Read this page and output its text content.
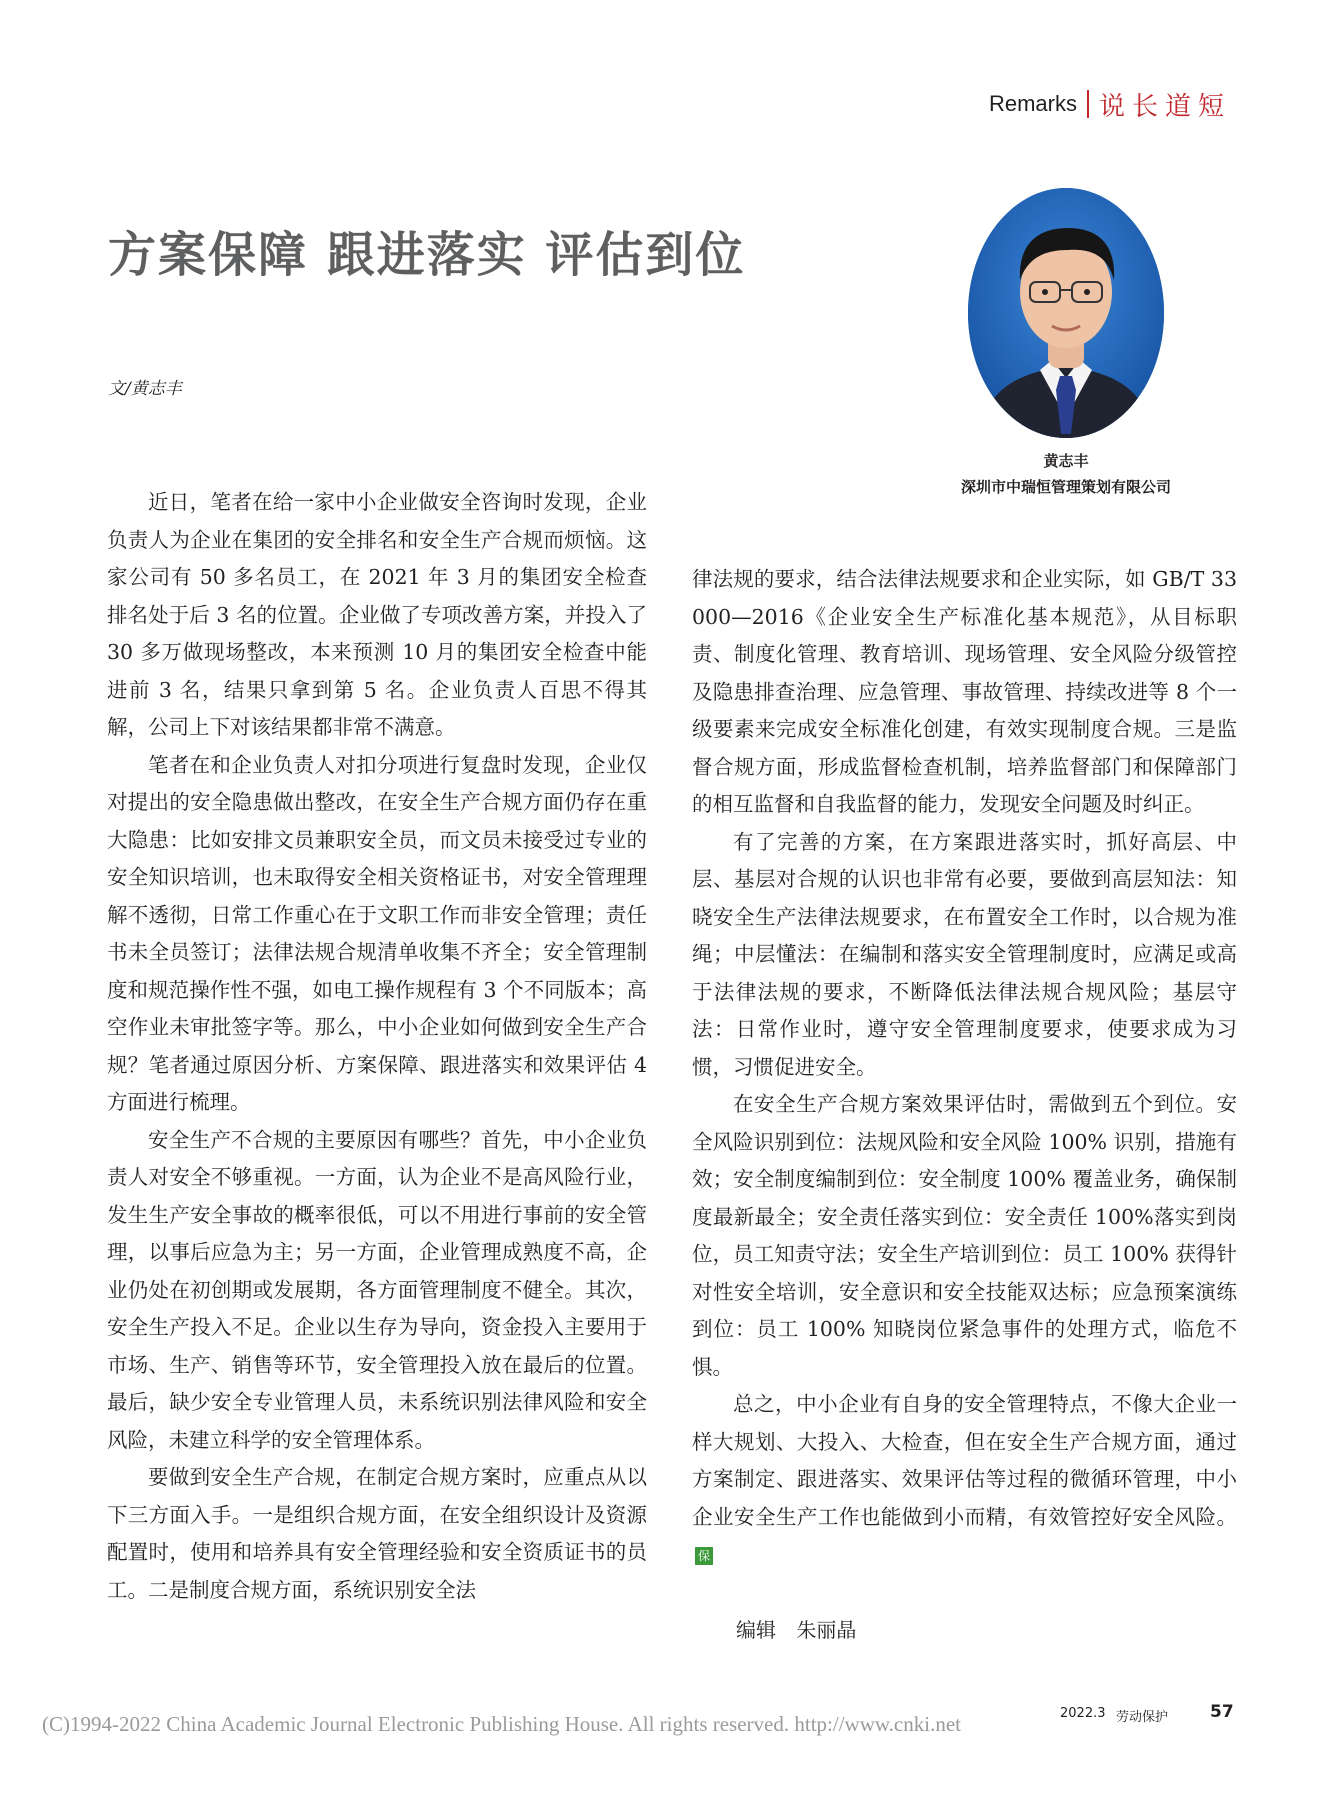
Remarks 说长道短
方案保障 跟进落实 评估到位
文/黄志丰
黄志丰
深圳市中瑞恒管理策划有限公司

近日，笔者在给一家中小企业做安全咨询时发现，企业负责人为企业在集团的安全排名和安全生产合规而烦恼。这家公司有 50 多名员工，在 2021 年 3 月的集团安全检查排名处于后 3 名的位置。企业做了专项改善方案，并投入了 30 多万做现场整改，本来预测 10 月的集团安全检查中能进前 3 名，结果只拿到第 5 名。企业负责人百思不得其解，公司上下对该结果都非常不满意。

笔者在和企业负责人对扣分项进行复盘时发现，企业仅对提出的安全隐患做出整改，在安全生产合规方面仍存在重大隐患：比如安排文员兼职安全员，而文员未接受过专业的安全知识培训，也未取得安全相关资格证书，对安全管理理解不透彻，日常工作重心在于文职工作而非安全管理；责任书未全员签订；法律法规合规清单收集不齐全；安全管理制度和规范操作性不强，如电工操作规程有 3 个不同版本；高空作业未审批签字等。那么，中小企业如何做到安全生产合规？笔者通过原因分析、方案保障、跟进落实和效果评估 4 方面进行梳理。

安全生产不合规的主要原因有哪些？首先，中小企业负责人对安全不够重视。一方面，认为企业不是高风险行业，发生生产安全事故的概率很低，可以不用进行事前的安全管理，以事后应急为主；另一方面，企业管理成熟度不高，企业仍处在初创期或发展期，各方面管理制度不健全。其次，安全生产投入不足。企业以生存为导向，资金投入主要用于市场、生产、销售等环节，安全管理投入放在最后的位置。最后，缺少安全专业管理人员，未系统识别法律风险和安全风险，未建立科学的安全管理体系。

要做到安全生产合规，在制定合规方案时，应重点从以下三方面入手。一是组织合规方面，在安全组织设计及资源配置时，使用和培养具有安全管理经验和安全资质证书的员工。二是制度合规方面，系统识别安全法

律法规的要求，结合法律法规要求和企业实际，如 GB/T 33000—2016《企业安全生产标准化基本规范》，从目标职责、制度化管理、教育培训、现场管理、安全风险分级管控及隐患排查治理、应急管理、事故管理、持续改进等 8 个一级要素来完成安全标准化创建，有效实现制度合规。三是监督合规方面，形成监督检查机制，培养监督部门和保障部门的相互监督和自我监督的能力，发现安全问题及时纠正。

有了完善的方案，在方案跟进落实时，抓好高层、中层、基层对合规的认识也非常有必要，要做到高层知法：知晓安全生产法律法规要求，在布置安全工作时，以合规为准绳；中层懂法：在编制和落实安全管理制度时，应满足或高于法律法规的要求，不断降低法律法规合规风险；基层守法：日常作业时，遵守安全管理制度要求，使要求成为习惯，习惯促进安全。

在安全生产合规方案效果评估时，需做到五个到位。安全风险识别到位：法规风险和安全风险 100% 识别，措施有效；安全制度编制到位：安全制度 100% 覆盖业务，确保制度最新最全；安全责任落实到位：安全责任 100%落实到岗位，员工知责守法；安全生产培训到位：员工 100% 获得针对性安全培训，安全意识和安全技能双达标；应急预案演练到位：员工 100% 知晓岗位紧急事件的处理方式，临危不惧。

总之，中小企业有自身的安全管理特点，不像大企业一样大规划、大投入、大检查，但在安全生产合规方面，通过方案制定、跟进落实、效果评估等过程的微循环管理，中小企业安全生产工作也能做到小而精，有效管控好安全风险。保

编辑 朱丽晶
(C)1994-2022 China Academic Journal Electronic Publishing House. All rights reserved. http://www.cnki.net	2022.3 劳动保护 57
